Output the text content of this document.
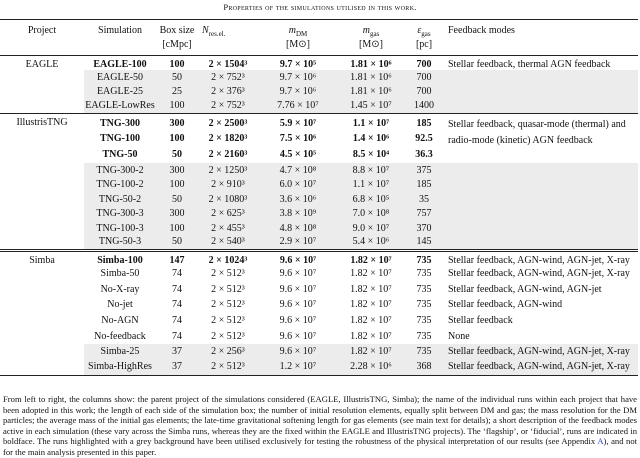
Properties of the simulations utilised in this work.
Project	Simulation	Box size	$N_{res.el.}$	$m_{DM}$	$m_{gas}$	$\varepsilon_{gas}$	Feedback modes
		[cMpc]		[M⊙]	[M⊙]	[pc]	
EAGLE	EAGLE-100	100	2 × 1504³	9.7 × 10⁵	1.81 × 10⁶	700	Stellar feedback, thermal AGN feedback
	EAGLE-50	50	2 × 752³	9.7 × 10⁶	1.81 × 10⁶	700	
	EAGLE-25	25	2 × 376³	9.7 × 10⁶	1.81 × 10⁶	700	
	EAGLE-LowRes	100	2 × 752³	7.76 × 10⁷	1.45 × 10⁷	1400	
IllustrisTNG	TNG-300	300	2 × 2500³	5.9 × 10⁷	1.1 × 10⁷	185	Stellar feedback, quasar-mode (thermal) and radio-mode (kinetic) AGN feedback
	TNG-100	100	2 × 1820³	7.5 × 10⁶	1.4 × 10⁶	92.5	
	TNG-50	50	2 × 2160³	4.5 × 10⁵	8.5 × 10⁴	36.3	
	TNG-300-2	300	2 × 1250³	4.7 × 10⁸	8.8 × 10⁷	375	
	TNG-100-2	100	2 × 910³	6.0 × 10⁷	1.1 × 10⁷	185	
	TNG-50-2	50	2 × 1080³	3.6 × 10⁶	6.8 × 10⁵	35	
	TNG-300-3	300	2 × 625³	3.8 × 10⁹	7.0 × 10⁸	757	
	TNG-100-3	100	2 × 455³	4.8 × 10⁸	9.0 × 10⁷	370	
	TNG-50-3	50	2 × 540³	2.9 × 10⁷	5.4 × 10⁶	145	
Simba	Simba-100	147	2 × 1024³	9.6 × 10⁷	1.82 × 10⁷	735	Stellar feedback, AGN-wind, AGN-jet, X-ray
	Simba-50	74	2 × 512³	9.6 × 10⁷	1.82 × 10⁷	735	Stellar feedback, AGN-wind, AGN-jet, X-ray
	No-X-ray	74	2 × 512³	9.6 × 10⁷	1.82 × 10⁷	735	Stellar feedback, AGN-wind, AGN-jet
	No-jet	74	2 × 512³	9.6 × 10⁷	1.82 × 10⁷	735	Stellar feedback, AGN-wind
	No-AGN	74	2 × 512³	9.6 × 10⁷	1.82 × 10⁷	735	Stellar feedback
	No-feedback	74	2 × 512³	9.6 × 10⁷	1.82 × 10⁷	735	None
	Simba-25	37	2 × 256³	9.6 × 10⁷	1.82 × 10⁷	735	Stellar feedback, AGN-wind, AGN-jet, X-ray
	Simba-HighRes	37	2 × 512³	1.2 × 10⁷	2.28 × 10⁶	368	Stellar feedback, AGN-wind, AGN-jet, X-ray
From left to right, the columns show: the parent project of the simulations considered (EAGLE, IllustrisTNG, Simba); the name of the individual runs within each project that have been adopted in this work; the length of each side of the simulation box; the number of initial resolution elements, equally split between DM and gas; the mass resolution for the DM particles; the average mass of the initial gas elements; the late-time gravitational softening length for gas elements (see main text for details); a short description of the feedback modes active in each simulation (these vary across the Simba runs, whereas they are the fixed within the EAGLE and IllustrisTNG projects). The ‘flagship’, or ‘fiducial’, runs are indicated in boldface. The runs highlighted with a grey background have been utilised exclusively for testing the robustness of the physical interpretation of our results (see Appendix A), and not for the main analysis presented in this paper.
